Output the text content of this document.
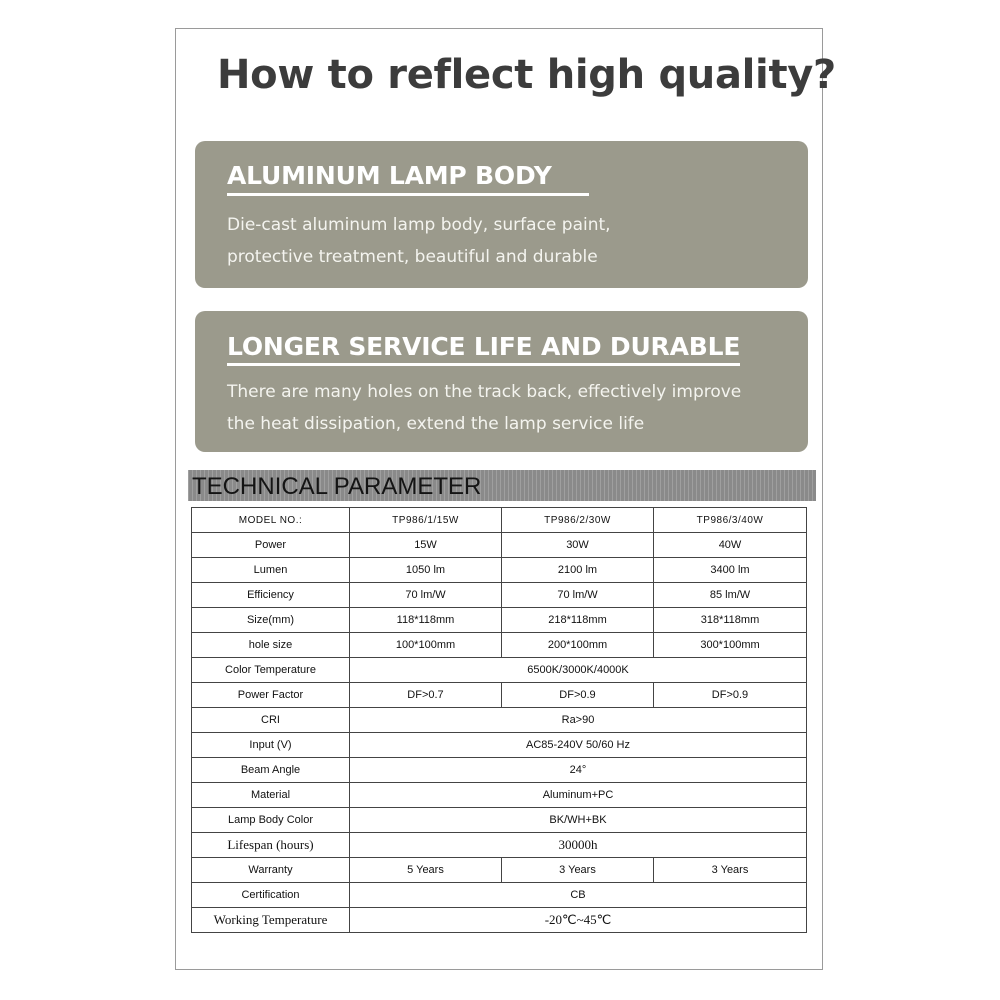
How to reflect high quality?
ALUMINUM LAMP BODY
Die-cast aluminum lamp body, surface paint,
protective treatment, beautiful and durable
LONGER SERVICE LIFE AND DURABLE
There are many holes on the track back, effectively improve
the heat dissipation, extend the lamp service life
TECHNICAL PARAMETER
MODEL NO.:	TP986/1/15W	TP986/2/30W	TP986/3/40W
Power	15W	30W	40W
Lumen	1050 lm	2100 lm	3400 lm
Efficiency	70 lm/W	70 lm/W	85 lm/W
Size(mm)	118*118mm	218*118mm	318*118mm
hole size	100*100mm	200*100mm	300*100mm
Color Temperature	6500K/3000K/4000K		
Power Factor	DF>0.7	DF>0.9	DF>0.9
CRI	Ra>90		
Input (V)	AC85-240V 50/60 Hz		
Beam Angle	24°		
Material	Aluminum+PC		
Lamp Body Color	BK/WH+BK		
Lifespan (hours)	30000h		
Warranty	5 Years	3 Years	3 Years
Certification	CB		
Working Temperature	-20℃~45℃		
